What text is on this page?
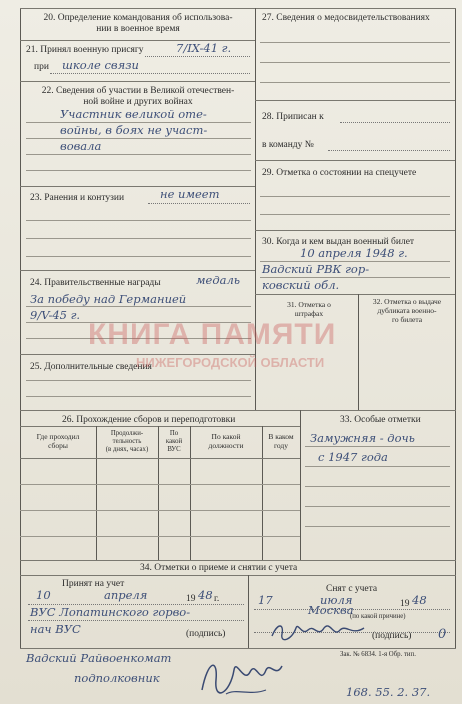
20. Определение командования об использова-
нии в военное время
21. Принял военную присягу	7/IX-41 г.
при школе связи
22. Сведения об участии в Великой отечествен-
ной войне и других войнах
Участник великой оте-
войны, в боях не участ-
вовала
23. Ранения и контузии	не имеет
24. Правительственные награды	медаль
За победу над Германией
9/V-45 г.
25. Дополнительные сведения
27. Сведения о медосвидетельствованиях
28. Приписан к
в команду №
29. Отметка о состоянии на спецучете
30. Когда и кем выдан военный билет
10 апреля 1948 г.
Вадский РВК гор-
ковский обл.
31. Отметка о
штрафах
32. Отметка о выдаче
дубликата военно-
го билета
26. Прохождение сборов и переподготовки	33. Особые отметки
Где проходил
сборы
Продолжи-
тельность
(в днях, часах)
По
какой
ВУС
По какой
должности
В каком
году
Замужняя - дочь
с 1947 года
34. Отметки о приеме и снятии с учета
Принят на учет
10	апреля	19 48 г.
ВУС Лопатинского горво-
нач ВУС	(подпись)
Снят с учета
17	июля	19 48
Москва
(по какой причине)
(подпись) 0
Вадский Райвоенкомат
подполковник
Зак. № 6834. 1-я Обр. тип.
168. 55. 2. 37.
КНИГА ПАМЯТИ
НИЖЕГОРОДСКОЙ ОБЛАСТИ
